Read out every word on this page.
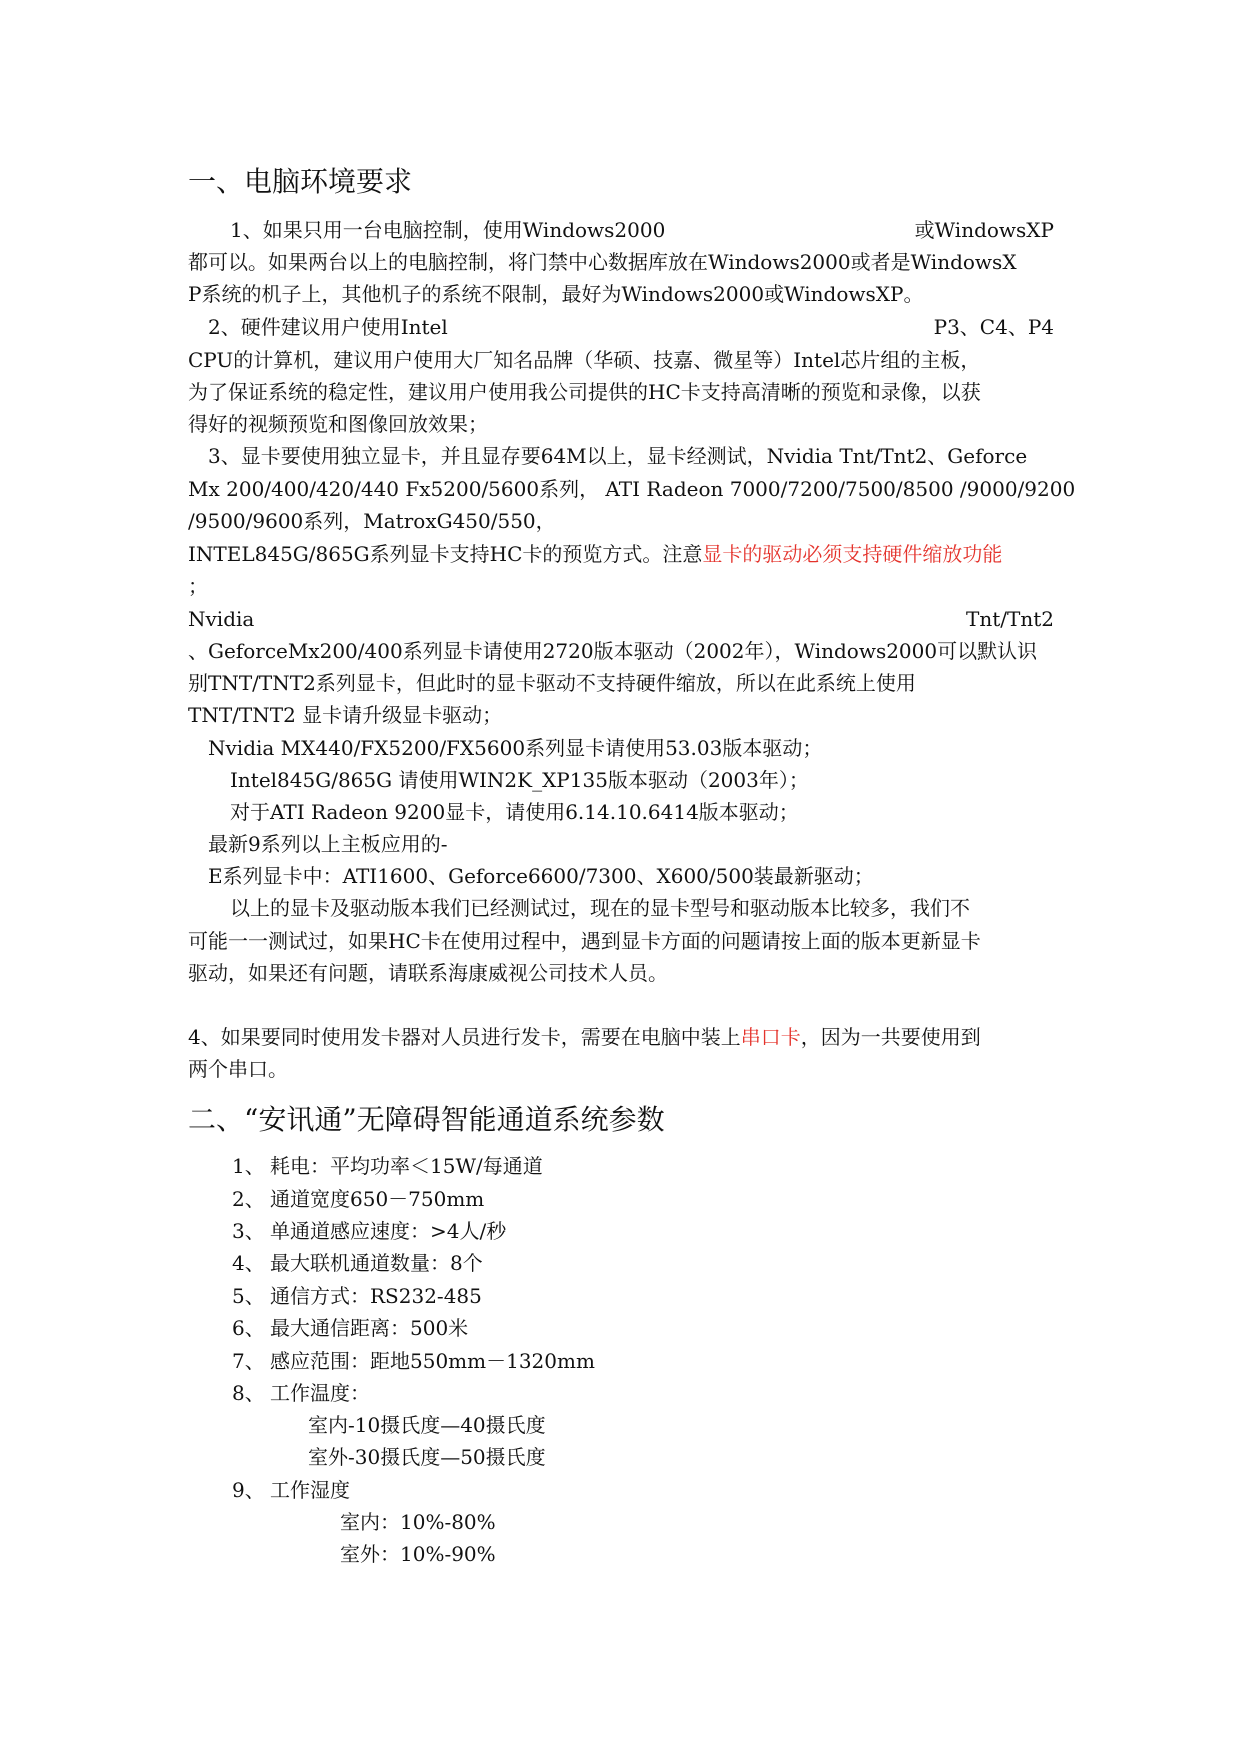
一、电脑环境要求
1、如果只用一台电脑控制，使用Windows2000	或WindowsXP
都可以。如果两台以上的电脑控制，将门禁中心数据库放在Windows2000或者是WindowsX
P系统的机子上，其他机子的系统不限制，最好为Windows2000或WindowsXP。
2、硬件建议用户使用Intel	P3、C4、P4
CPU的计算机，建议用户使用大厂知名品牌（华硕、技嘉、微星等）Intel芯片组的主板，
为了保证系统的稳定性，建议用户使用我公司提供的HC卡支持高清晰的预览和录像，以获
得好的视频预览和图像回放效果；
3、显卡要使用独立显卡，并且显存要64M以上，显卡经测试，Nvidia Tnt/Tnt2、Geforce
Mx 200/400/420/440 Fx5200/5600系列， ATI Radeon 7000/7200/7500/8500 /9000/9200
/9500/9600系列，MatroxG450/550，
INTEL845G/865G系列显卡支持HC卡的预览方式。注意显卡的驱动必须支持硬件缩放功能
；
Nvidia	Tnt/Tnt2
、GeforceMx200/400系列显卡请使用2720版本驱动（2002年），Windows2000可以默认识
别TNT/TNT2系列显卡，但此时的显卡驱动不支持硬件缩放，所以在此系统上使用
TNT/TNT2 显卡请升级显卡驱动；
Nvidia MX440/FX5200/FX5600系列显卡请使用53.03版本驱动；
Intel845G/865G 请使用WIN2K_XP135版本驱动（2003年）；
对于ATI Radeon 9200显卡，请使用6.14.10.6414版本驱动；
最新9系列以上主板应用的-
E系列显卡中：ATI1600、Geforce6600/7300、X600/500装最新驱动；
以上的显卡及驱动版本我们已经测试过，现在的显卡型号和驱动版本比较多，我们不
可能一一测试过，如果HC卡在使用过程中，遇到显卡方面的问题请按上面的版本更新显卡
驱动，如果还有问题，请联系海康威视公司技术人员。
4、如果要同时使用发卡器对人员进行发卡，需要在电脑中装上串口卡，因为一共要使用到
两个串口。
二、“安讯通”无障碍智能通道系统参数
1、 耗电：平均功率＜15W/每通道
2、 通道宽度650－750mm
3、 单通道感应速度：>4人/秒
4、 最大联机通道数量：8个
5、 通信方式：RS232-485
6、 最大通信距离：500米
7、 感应范围：距地550mm－1320mm
8、 工作温度：
室内-10摄氏度—40摄氏度
室外-30摄氏度—50摄氏度
9、 工作湿度
室内：10%-80%
室外：10%-90%
